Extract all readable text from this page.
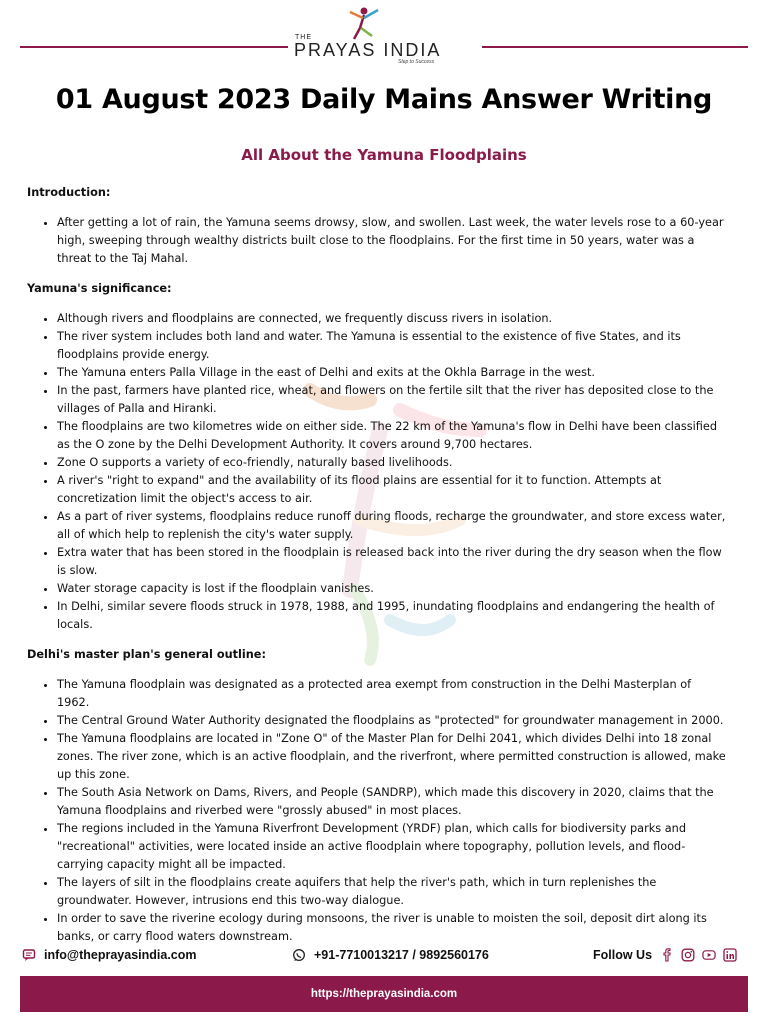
THE
PRAYAS INDIA
Step to Success
01 August 2023 Daily Mains Answer Writing
All About the Yamuna Floodplains
Introduction:
• After getting a lot of rain, the Yamuna seems drowsy, slow, and swollen. Last week, the water levels rose to a 60-year high, sweeping through wealthy districts built close to the floodplains. For the first time in 50 years, water was a threat to the Taj Mahal.
Yamuna's significance:
• Although rivers and floodplains are connected, we frequently discuss rivers in isolation.
• The river system includes both land and water. The Yamuna is essential to the existence of five States, and its floodplains provide energy.
• The Yamuna enters Palla Village in the east of Delhi and exits at the Okhla Barrage in the west.
• In the past, farmers have planted rice, wheat, and flowers on the fertile silt that the river has deposited close to the villages of Palla and Hiranki.
• The floodplains are two kilometres wide on either side. The 22 km of the Yamuna's flow in Delhi have been classified as the O zone by the Delhi Development Authority. It covers around 9,700 hectares.
• Zone O supports a variety of eco-friendly, naturally based livelihoods.
• A river's "right to expand" and the availability of its flood plains are essential for it to function. Attempts at concretization limit the object's access to air.
• As a part of river systems, floodplains reduce runoff during floods, recharge the groundwater, and store excess water, all of which help to replenish the city's water supply.
• Extra water that has been stored in the floodplain is released back into the river during the dry season when the flow is slow.
• Water storage capacity is lost if the floodplain vanishes.
• In Delhi, similar severe floods struck in 1978, 1988, and 1995, inundating floodplains and endangering the health of locals.
Delhi's master plan's general outline:
• The Yamuna floodplain was designated as a protected area exempt from construction in the Delhi Masterplan of 1962.
• The Central Ground Water Authority designated the floodplains as "protected" for groundwater management in 2000.
• The Yamuna floodplains are located in "Zone O" of the Master Plan for Delhi 2041, which divides Delhi into 18 zonal zones. The river zone, which is an active floodplain, and the riverfront, where permitted construction is allowed, make up this zone.
• The South Asia Network on Dams, Rivers, and People (SANDRP), which made this discovery in 2020, claims that the Yamuna floodplains and riverbed were "grossly abused" in most places.
• The regions included in the Yamuna Riverfront Development (YRDF) plan, which calls for biodiversity parks and "recreational" activities, were located inside an active floodplain where topography, pollution levels, and flood-carrying capacity might all be impacted.
• The layers of silt in the floodplains create aquifers that help the river's path, which in turn replenishes the groundwater. However, intrusions end this two-way dialogue.
• In order to save the riverine ecology during monsoons, the river is unable to moisten the soil, deposit dirt along its banks, or carry flood waters downstream.
info@theprayasindia.com	+91-7710013217 / 9892560176	Follow Us
https://theprayasindia.com
